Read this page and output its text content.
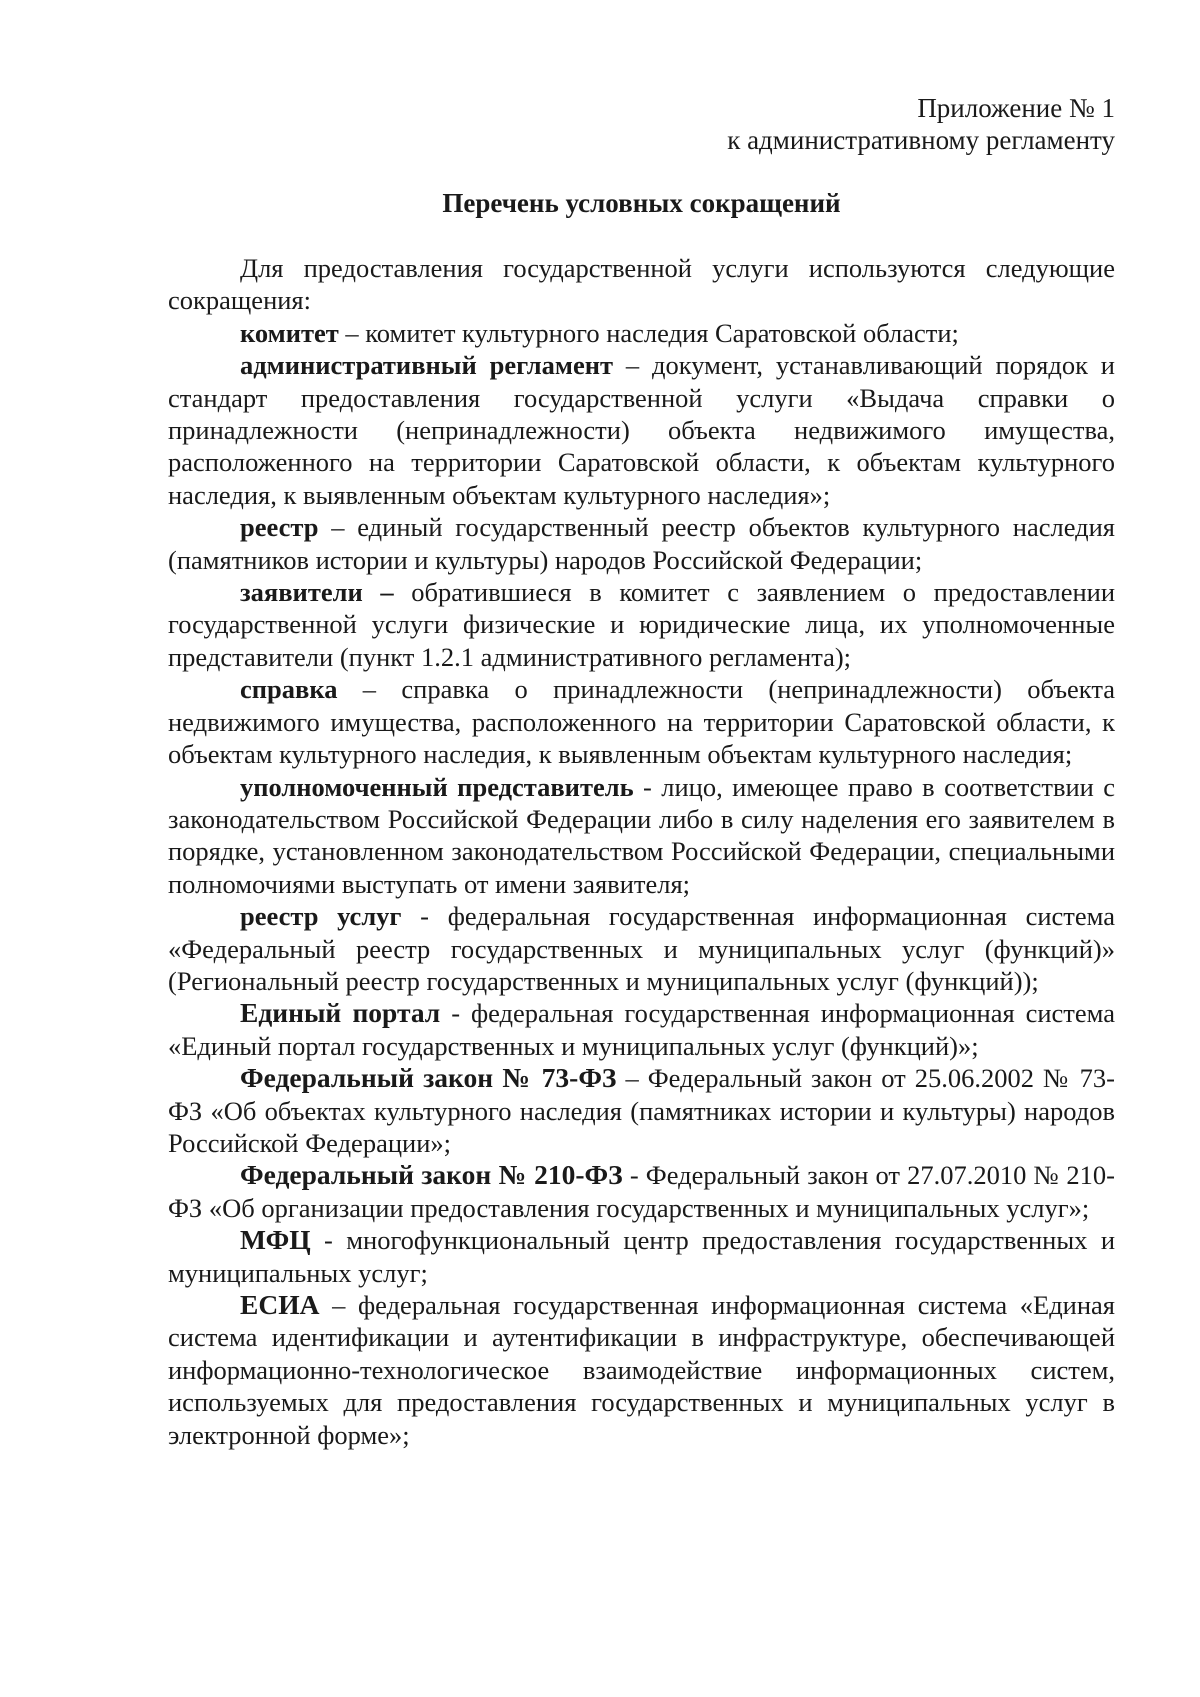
Приложение № 1
к административному регламенту
Перечень условных сокращений

Для предоставления государственной услуги используются следующие сокращения:

комитет – комитет культурного наследия Саратовской области;

административный регламент – документ, устанавливающий порядок и стандарт предоставления государственной услуги «Выдача справки о принадлежности (непринадлежности) объекта недвижимого имущества, расположенного на территории Саратовской области, к объектам культурного наследия, к выявленным объектам культурного наследия»;

реестр – единый государственный реестр объектов культурного наследия (памятников истории и культуры) народов Российской Федерации;

заявители – обратившиеся в комитет с заявлением о предоставлении государственной услуги физические и юридические лица, их уполномоченные представители (пункт 1.2.1 административного регламента);

справка – справка о принадлежности (непринадлежности) объекта недвижимого имущества, расположенного на территории Саратовской области, к объектам культурного наследия, к выявленным объектам культурного наследия;

уполномоченный представитель - лицо, имеющее право в соответствии с законодательством Российской Федерации либо в силу наделения его заявителем в порядке, установленном законодательством Российской Федерации, специальными полномочиями выступать от имени заявителя;

реестр услуг - федеральная государственная информационная система «Федеральный реестр государственных и муниципальных услуг (функций)» (Региональный реестр государственных и муниципальных услуг (функций));

Единый портал - федеральная государственная информационная система «Единый портал государственных и муниципальных услуг (функций)»;

Федеральный закон № 73-ФЗ – Федеральный закон от 25.06.2002 № 73-ФЗ «Об объектах культурного наследия (памятниках истории и культуры) народов Российской Федерации»;

Федеральный закон № 210-ФЗ - Федеральный закон от 27.07.2010 № 210-ФЗ «Об организации предоставления государственных и муниципальных услуг»;

МФЦ - многофункциональный центр предоставления государственных и муниципальных услуг;

ЕСИА – федеральная государственная информационная система «Единая система идентификации и аутентификации в инфраструктуре, обеспечивающей информационно-технологическое взаимодействие информационных систем, используемых для предоставления государственных и муниципальных услуг в электронной форме»;
